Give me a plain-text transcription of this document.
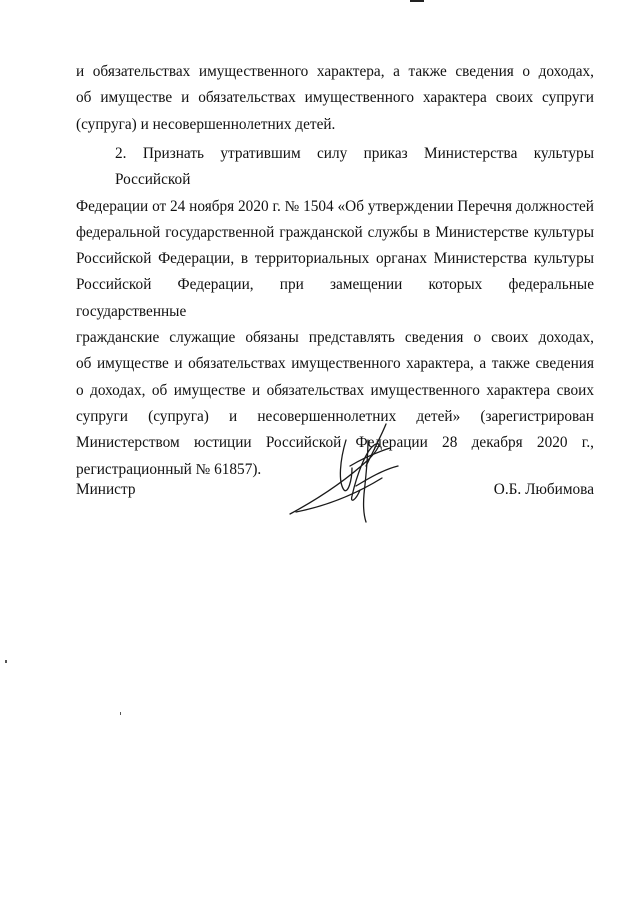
и обязательствах имущественного характера, а также сведения о доходах,
об имуществе и обязательствах имущественного характера своих супруги
(супруга) и несовершеннолетних детей.
2. Признать утратившим силу приказ Министерства культуры Российской
Федерации от 24 ноября 2020 г. № 1504 «Об утверждении Перечня должностей
федеральной государственной гражданской службы в Министерстве культуры
Российской Федерации, в территориальных органах Министерства культуры
Российской Федерации, при замещении которых федеральные государственные
гражданские служащие обязаны представлять сведения о своих доходах,
об имуществе и обязательствах имущественного характера, а также сведения
о доходах, об имуществе и обязательствах имущественного характера своих
супруги (супруга) и несовершеннолетних детей» (зарегистрирован
Министерством юстиции Российской Федерации 28 декабря 2020 г.,
регистрационный № 61857).
Министр	О.Б. Любимова
